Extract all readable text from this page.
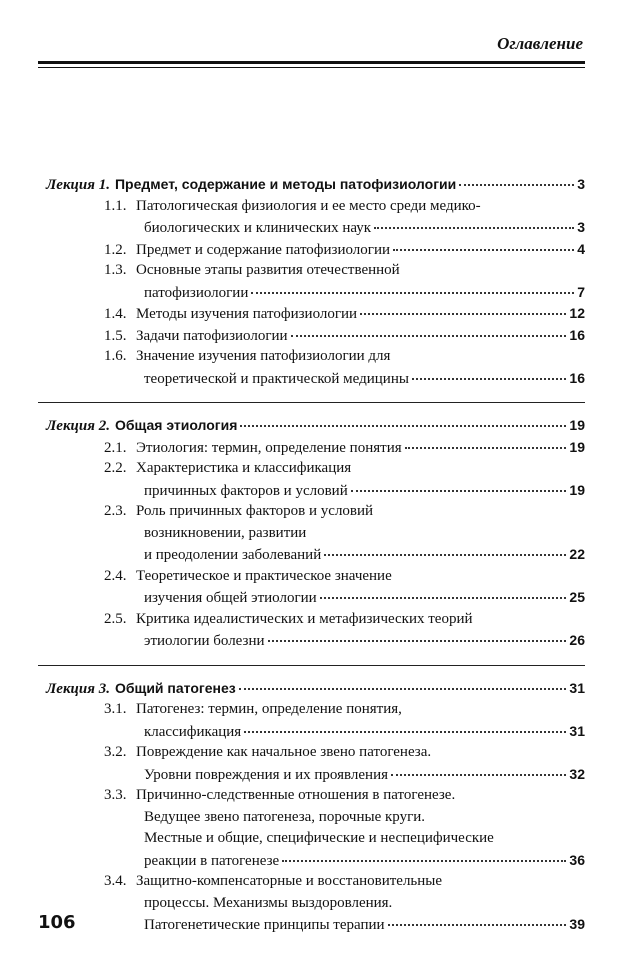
Оглавление
Лекция 1. Предмет, содержание и методы патофизиологии	3
1.1. Патологическая физиология и ее место среди медико-
биологических и клинических наук	3
1.2. Предмет и содержание патофизиологии	4
1.3. Основные этапы развития отечественной
патофизиологии	7
1.4. Методы изучения патофизиологии	12
1.5. Задачи патофизиологии	16
1.6. Значение изучения патофизиологии для
теоретической и практической медицины	16
Лекция 2. Общая этиология	19
2.1. Этиология: термин, определение понятия	19
2.2. Характеристика и классификация
причинных факторов и условий	19
2.3. Роль причинных факторов и условий
возникновении, развитии
и преодолении заболеваний	22
2.4. Теоретическое и практическое значение
изучения общей этиологии	25
2.5. Критика идеалистических и метафизических теорий
этиологии болезни	26
Лекция 3. Общий патогенез	31
3.1. Патогенез: термин, определение понятия,
классификация	31
3.2. Повреждение как начальное звено патогенеза.
Уровни повреждения и их проявления	32
3.3. Причинно-следственные отношения в патогенезе.
Ведущее звено патогенеза, порочные круги.
Местные и общие, специфические и неспецифические
реакции в патогенезе	36
3.4. Защитно-компенсаторные и восстановительные
процессы. Механизмы выздоровления.
Патогенетические принципы терапии	39
106
